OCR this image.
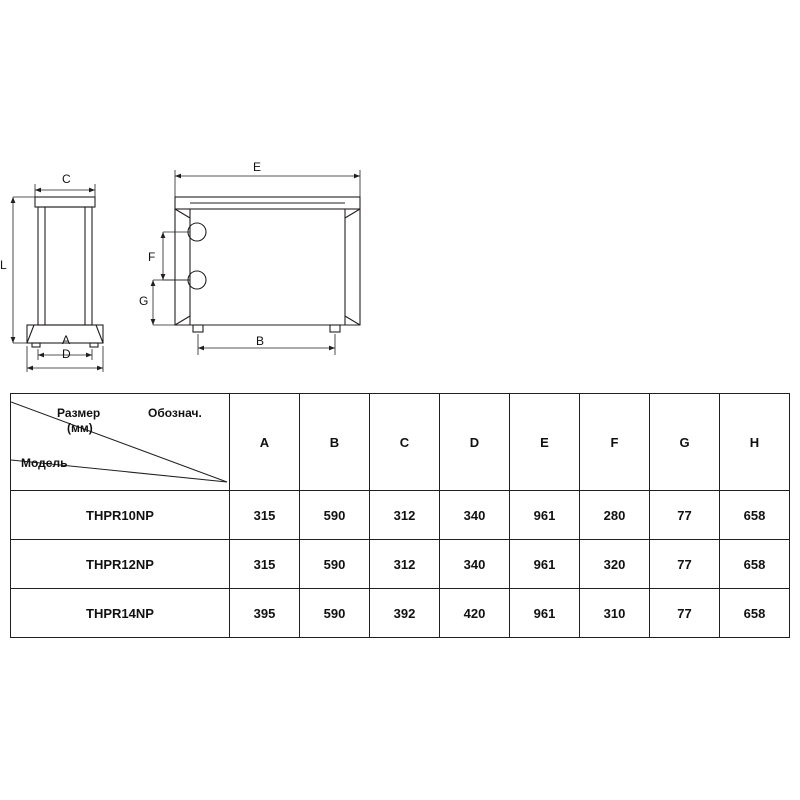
C
L
A
D
E
F
G
B
Размер
(мм)
Обознач.
Модель	A	B	C	D	E	F	G	H
THPR10NP	315	590	312	340	961	280	77	658
THPR12NP	315	590	312	340	961	320	77	658
THPR14NP	395	590	392	420	961	310	77	658
